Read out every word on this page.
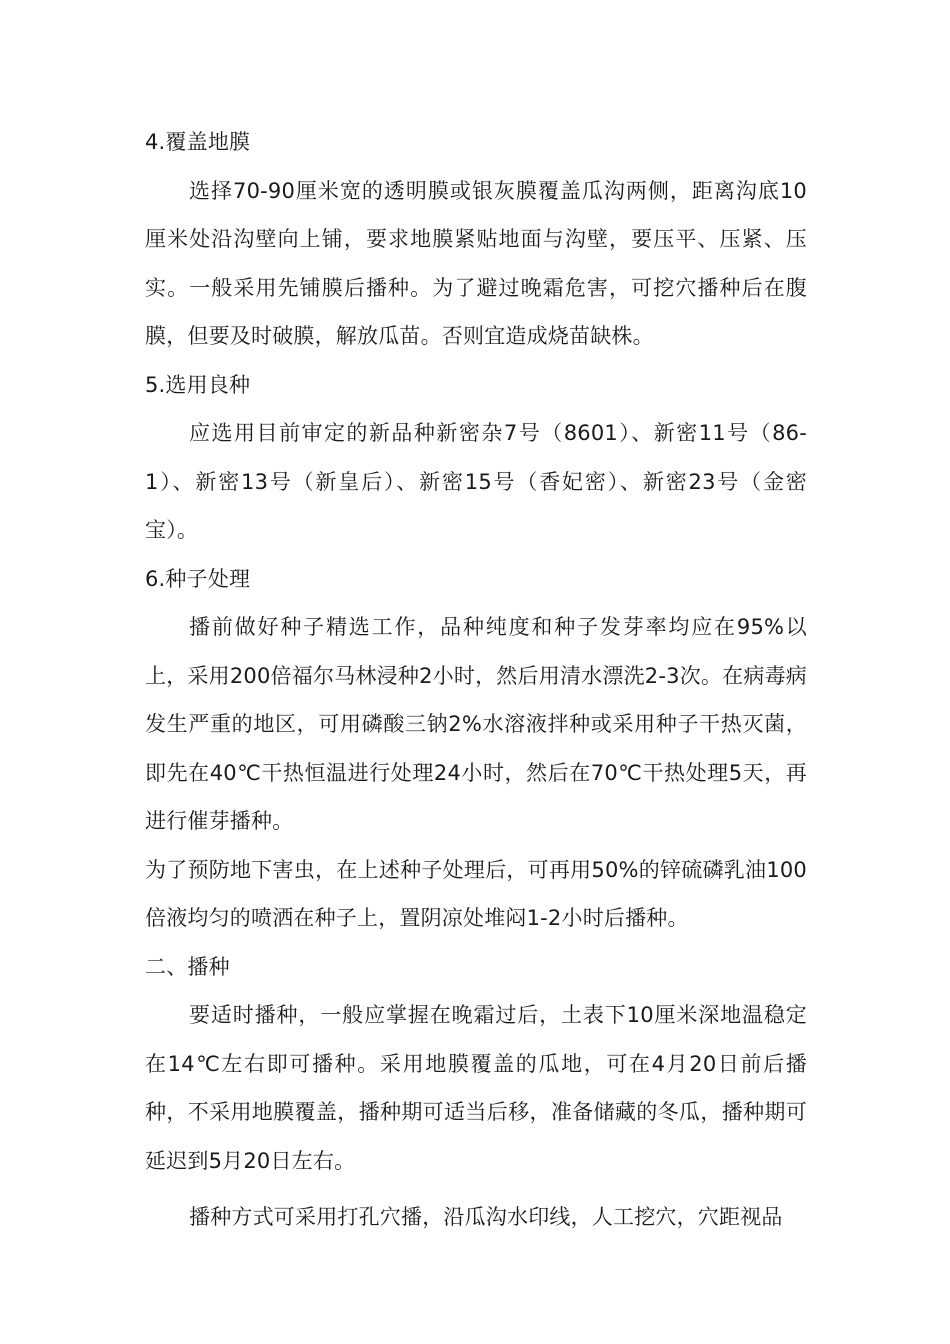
4.覆盖地膜

选择70-90厘米宽的透明膜或银灰膜覆盖瓜沟两侧，距离沟底10厘米处沿沟壁向上铺，要求地膜紧贴地面与沟壁，要压平、压紧、压实。一般采用先铺膜后播种。为了避过晚霜危害，可挖穴播种后在腹膜，但要及时破膜，解放瓜苗。否则宜造成烧苗缺株。

5.选用良种

应选用目前审定的新品种新密杂7号（8601）、新密11号（86-1）、新密13号（新皇后）、新密15号（香妃密）、新密23号（金密宝）。

6.种子处理

播前做好种子精选工作，品种纯度和种子发芽率均应在95%以上，采用200倍福尔马林浸种2小时，然后用清水漂洗2-3次。在病毒病发生严重的地区，可用磷酸三钠2%水溶液拌种或采用种子干热灭菌，即先在40℃干热恒温进行处理24小时，然后在70℃干热处理5天，再进行催芽播种。

为了预防地下害虫，在上述种子处理后，可再用50%的锌硫磷乳油100倍液均匀的喷洒在种子上，置阴凉处堆闷1-2小时后播种。

二、播种

要适时播种，一般应掌握在晚霜过后，土表下10厘米深地温稳定在14℃左右即可播种。采用地膜覆盖的瓜地，可在4月20日前后播种，不采用地膜覆盖，播种期可适当后移，准备储藏的冬瓜，播种期可延迟到5月20日左右。

播种方式可采用打孔穴播，沿瓜沟水印线，人工挖穴，穴距视品
